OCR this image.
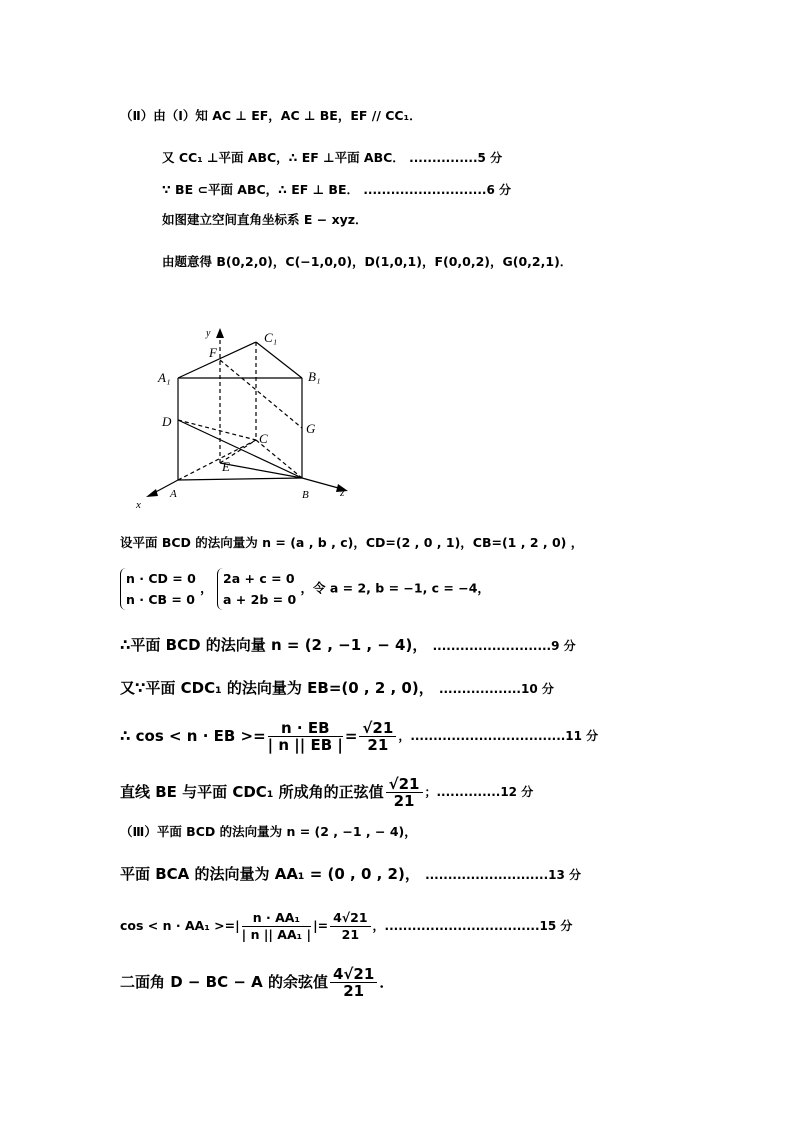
（Ⅱ）由（Ⅰ）知 AC ⊥ EF，AC ⊥ BE，EF // CC₁．
又 CC₁ ⊥平面 ABC，∴ EF ⊥平面 ABC． ...............5 分
∵ BE ⊂平面 ABC，∴ EF ⊥ BE． ...........................6 分
如图建立空间直角坐标系 E − xyz．
由题意得 B(0,2,0)，C(−1,0,0)，D(1,0,1)，F(0,0,2)，G(0,2,1)．
y	C₁
F
A₁	B₁
D	G
C
E
A	B
x
z
设平面 BCD 的法向量为 n = (a , b , c)，CD=(2 , 0 , 1)，CB=(1 , 2 , 0) ，
n · CD = 0
n · CB = 0
，
2a + c = 0
a + 2b = 0
，令 a = 2, b = −1, c = −4，
∴平面 BCD 的法向量 n = (2 , −1 , − 4)， ..........................9 分
又∵平面 CDC₁ 的法向量为 EB=(0 , 2 , 0)， ..................10 分
∴ cos < n · EB >= $\frac{n \cdot EB}{| n || EB |} = \frac{√21}{21}$ ，..................................11 分
直线 BE 与平面 CDC₁ 所成角的正弦值 $\frac{√21}{21}$ ；..............12 分
（Ⅲ）平面 BCD 的法向量为 n = (2 , −1 , − 4)，
平面 BCA 的法向量为 AA₁ = (0 , 0 , 2)， ...........................13 分
cos < n · AA₁ >=| $\frac{\text{n · AA₁}}{\text{| n || AA₁ |}}$ |= $\frac{4√21}{21}$ ，..................................15 分
二面角 D − BC − A 的余弦值 $\frac{4√21}{21}$ ．
